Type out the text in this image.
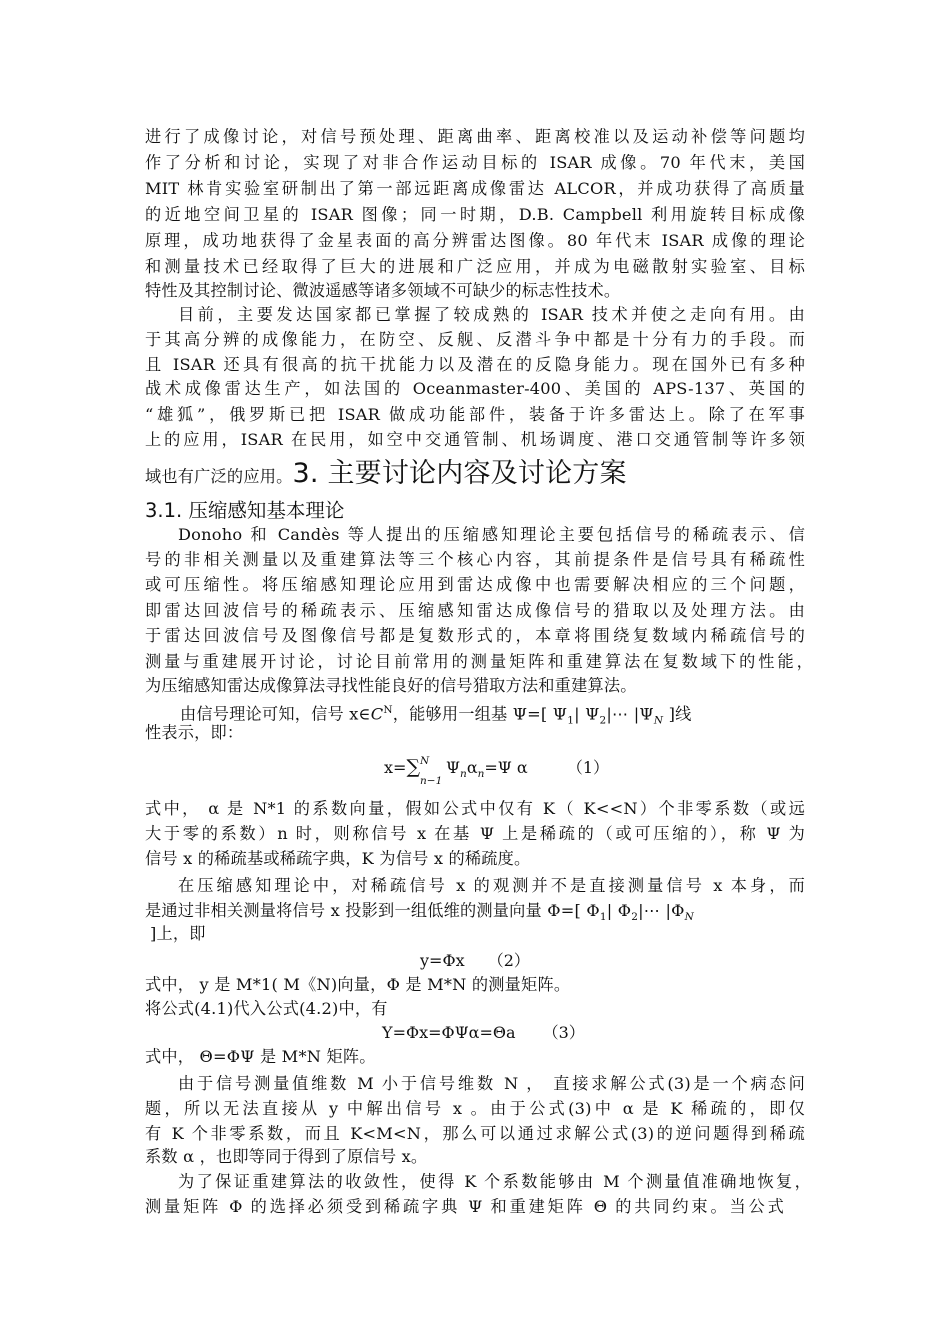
进行了成像讨论，对信号预处理、距离曲率、距离校准以及运动补偿等问题均
作了分析和讨论，实现了对非合作运动目标的 ISAR 成像。70 年代末，美国
MIT 林肯实验室研制出了第一部远距离成像雷达 ALCOR，并成功获得了高质量
的近地空间卫星的 ISAR 图像；同一时期，D.B. Campbell 利用旋转目标成像
原理，成功地获得了金星表面的高分辨雷达图像。80 年代末 ISAR 成像的理论
和测量技术已经取得了巨大的进展和广泛应用，并成为电磁散射实验室、目标
特性及其控制讨论、微波遥感等诸多领域不可缺少的标志性技术。
目前，主要发达国家都已掌握了较成熟的 ISAR 技术并使之走向有用。由
于其高分辨的成像能力，在防空、反舰、反潜斗争中都是十分有力的手段。而
且 ISAR 还具有很高的抗干扰能力以及潜在的反隐身能力。现在国外已有多种
战术成像雷达生产，如法国的 Oceanmaster-400、美国的 APS-137、英国的
“雄狐”，俄罗斯已把 ISAR 做成功能部件，装备于许多雷达上。除了在军事
上的应用，ISAR 在民用，如空中交通管制、机场调度、港口交通管制等许多领
域也有广泛的应用。3. 主要讨论内容及讨论方案
3.1. 压缩感知基本理论
Donoho 和 Candès 等人提出的压缩感知理论主要包括信号的稀疏表示、信
号的非相关测量以及重建算法等三个核心内容，其前提条件是信号具有稀疏性
或可压缩性。将压缩感知理论应用到雷达成像中也需要解决相应的三个问题，
即雷达回波信号的稀疏表示、压缩感知雷达成像信号的猎取以及处理方法。由
于雷达回波信号及图像信号都是复数形式的，本章将围绕复数域内稀疏信号的
测量与重建展开讨论，讨论目前常用的测量矩阵和重建算法在复数域下的性能，
为压缩感知雷达成像算法寻找性能良好的信号猎取方法和重建算法。
由信号理论可知，信号 $x\in C^N$，能够用一组基 Ψ=[ $\Psi_1|$ $\Psi_2|\cdots$ $|\Psi_N$ ]线
性表示，即：
x=∑ N
n−1
$\Psi_n\alpha_n=\Psi$ α （1）
式中， α 是 N*1 的系数向量，假如公式中仅有 K（ K<<N）个非零系数（或远
大于零的系数）n 时，则称信号 x 在基 Ψ 上是稀疏的（或可压缩的），称 Ψ 为
信号 x 的稀疏基或稀疏字典，K 为信号 x 的稀疏度。
在压缩感知理论中，对稀疏信号 x 的观测并不是直接测量信号 x 本身，而
是通过非相关测量将信号 x 投影到一组低维的测量向量 Φ=[ $\Phi_1|$ $\Phi_2|\cdots$ $|\Phi_N$
]上，即
y=Φx （2）
式中， y 是 M*1( M《N)向量，Φ 是 M*N 的测量矩阵。
将公式(4.1)代入公式(4.2)中，有
Y=Φx=ΦΨα=Θa （3）
式中， Θ=ΦΨ 是 M*N 矩阵。
由于信号测量值维数 M 小于信号维数 N ， 直接求解公式(3)是一个病态问
题，所以无法直接从 y 中解出信号 x 。由于公式(3)中 α 是 K 稀疏的，即仅
有 K 个非零系数，而且 K<M<N，那么可以通过求解公式(3)的逆问题得到稀疏
系数 α ，也即等同于得到了原信号 x。
为了保证重建算法的收敛性，使得 K 个系数能够由 M 个测量值准确地恢复，
测量矩阵 Φ 的选择必须受到稀疏字典 Ψ 和重建矩阵 Θ 的共同约束。当公式
